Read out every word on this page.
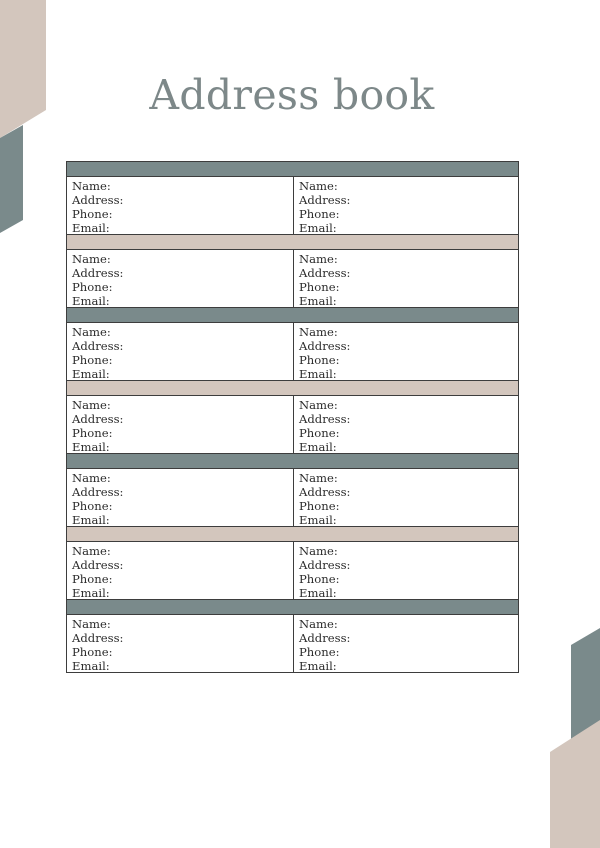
Address book
Name:
Address:
Phone:
Email:
Name:
Address:
Phone:
Email:
Name:
Address:
Phone:
Email:
Name:
Address:
Phone:
Email:
Name:
Address:
Phone:
Email:
Name:
Address:
Phone:
Email:
Name:
Address:
Phone:
Email:
Name:
Address:
Phone:
Email:
Name:
Address:
Phone:
Email:
Name:
Address:
Phone:
Email:
Name:
Address:
Phone:
Email:
Name:
Address:
Phone:
Email:
Name:
Address:
Phone:
Email:
Name:
Address:
Phone:
Email:
